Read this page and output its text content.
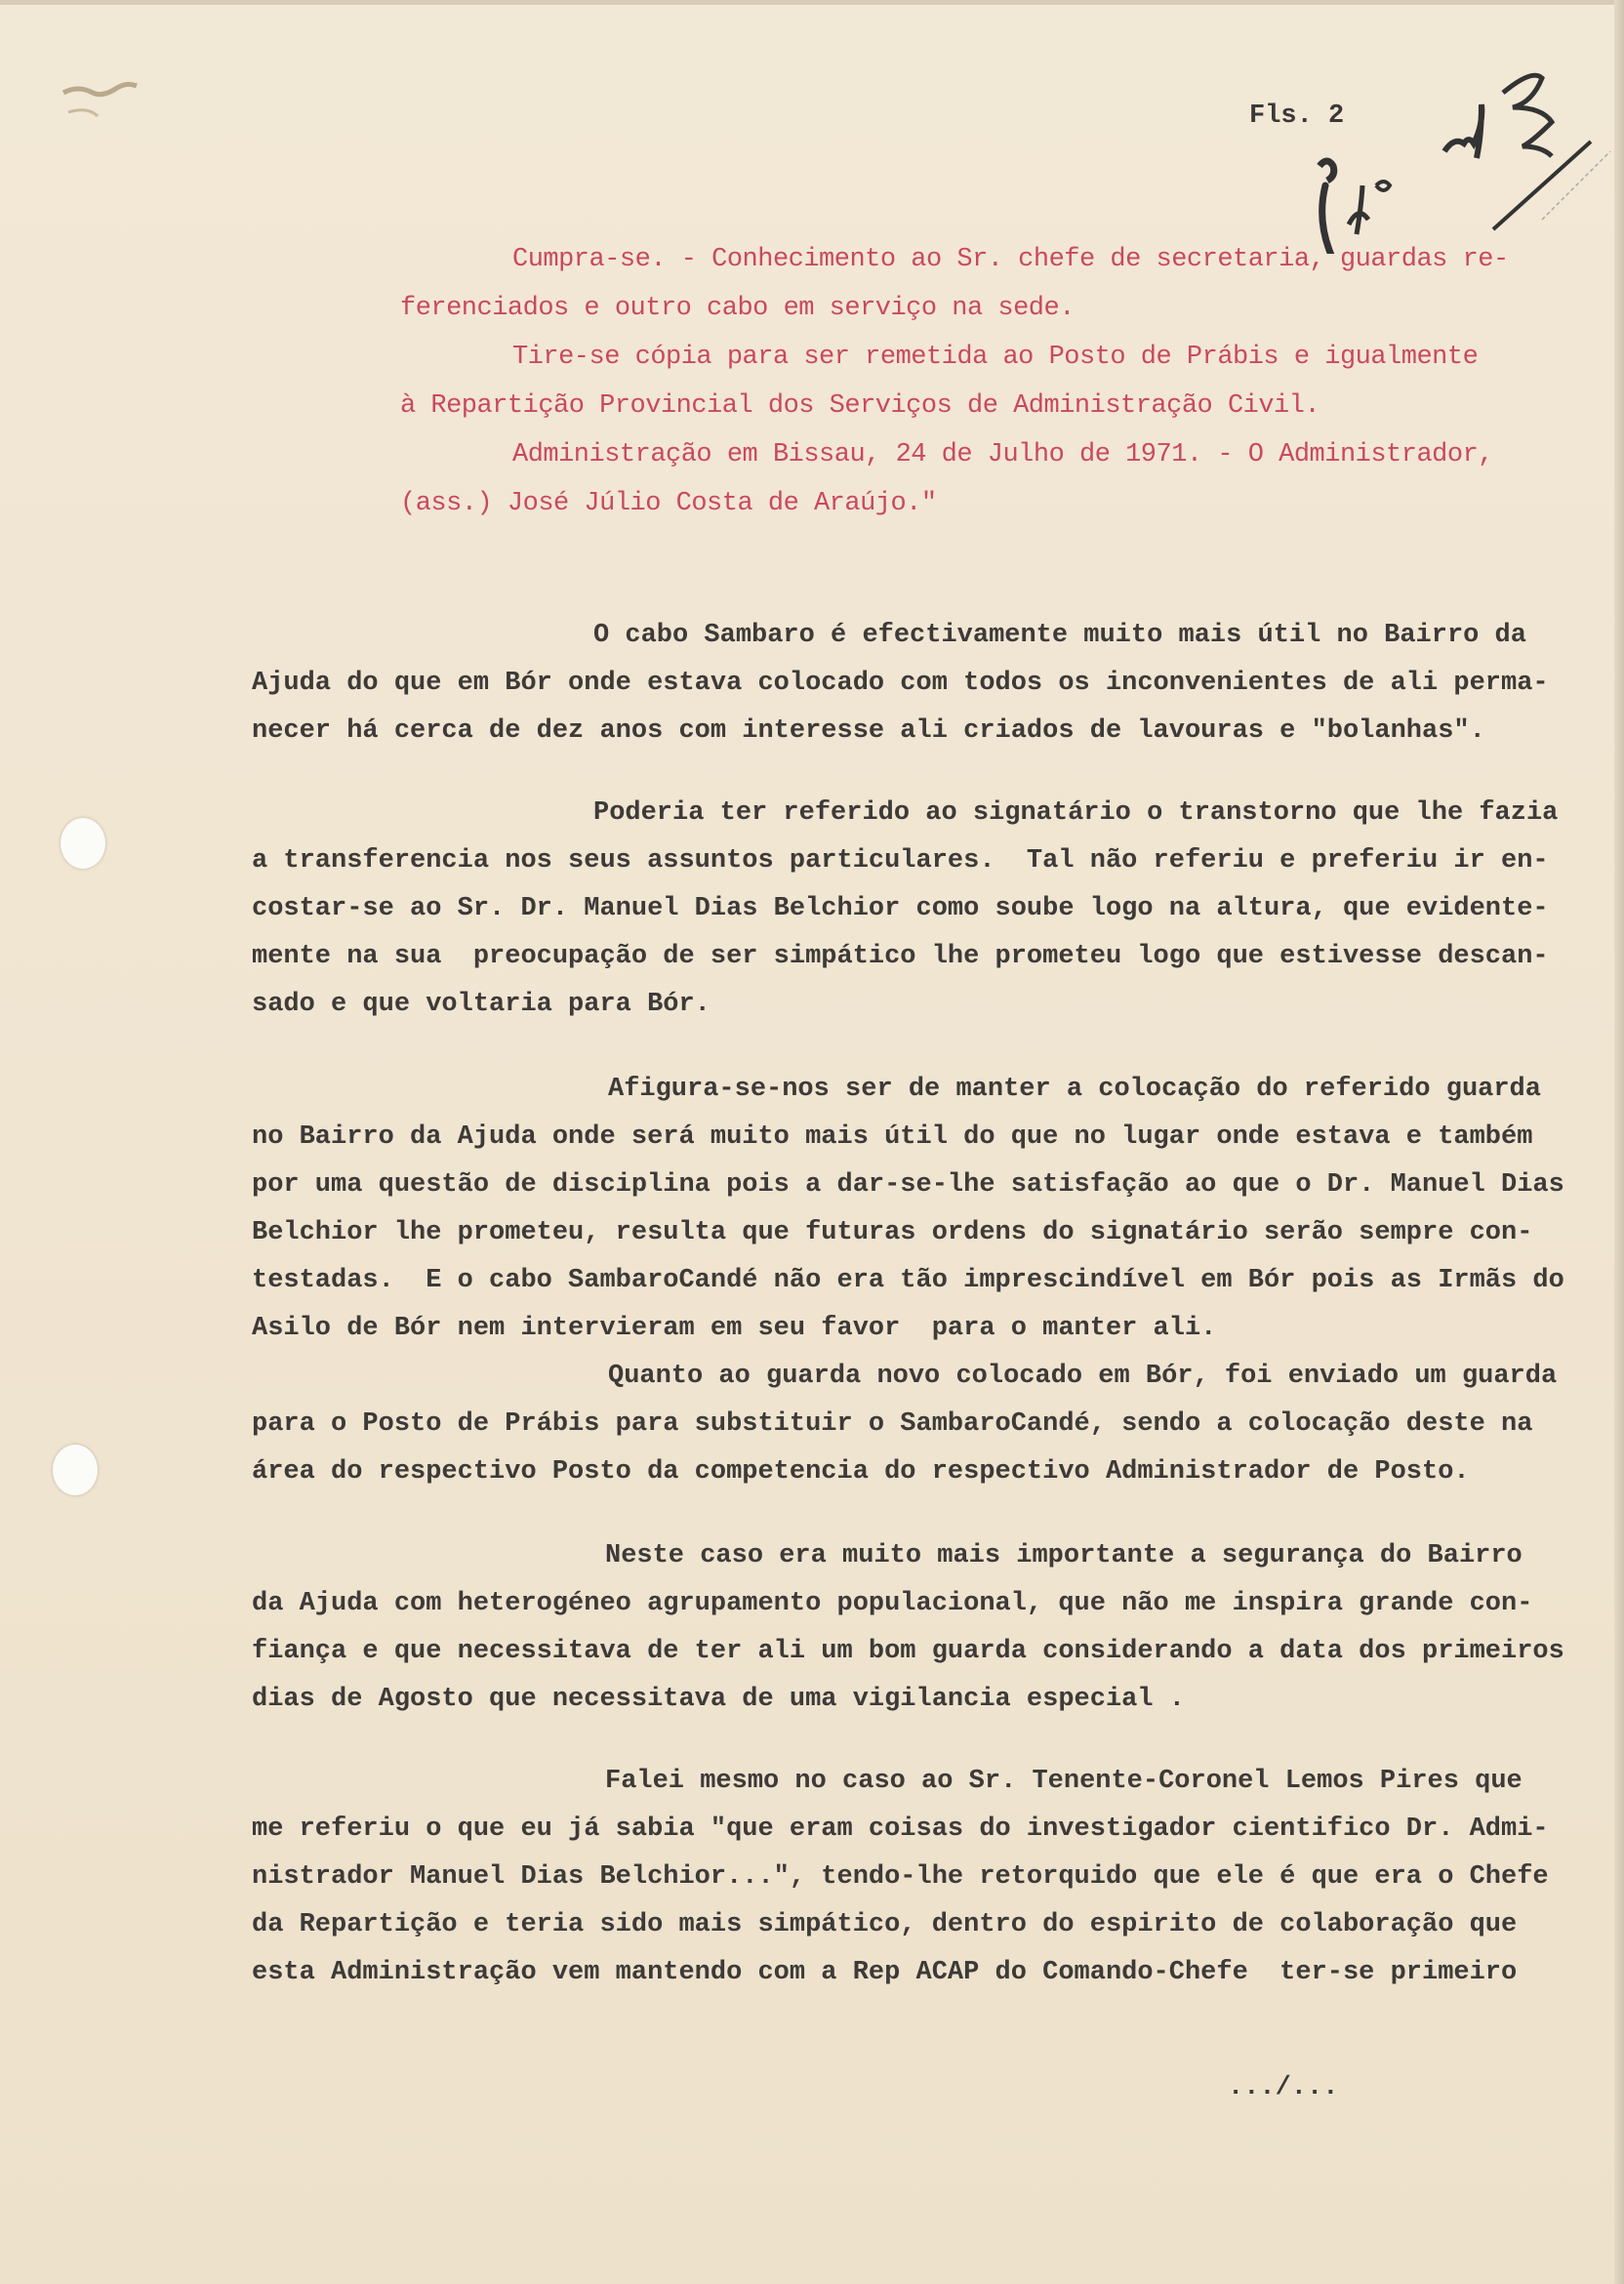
Fls. 2
Cumpra-se. - Conhecimento ao Sr. chefe de secretaria, guardas re-
ferenciados e outro cabo em serviço na sede.
Tire-se cópia para ser remetida ao Posto de Prábis e igualmente
à Repartição Provincial dos Serviços de Administração Civil.
Administração em Bissau, 24 de Julho de 1971. - O Administrador,
(ass.) José Júlio Costa de Araújo."
O cabo Sambaro é efectivamente muito mais útil no Bairro da
Ajuda do que em Bór onde estava colocado com todos os inconvenientes de ali perma-
necer há cerca de dez anos com interesse ali criados de lavouras e "bolanhas".
Poderia ter referido ao signatário o transtorno que lhe fazia
a transferencia nos seus assuntos particulares.  Tal não referiu e preferiu ir en-
costar-se ao Sr. Dr. Manuel Dias Belchior como soube logo na altura, que evidente-
mente na sua  preocupação de ser simpático lhe prometeu logo que estivesse descan-
sado e que voltaria para Bór.
Afigura-se-nos ser de manter a colocação do referido guarda
no Bairro da Ajuda onde será muito mais útil do que no lugar onde estava e também
por uma questão de disciplina pois a dar-se-lhe satisfação ao que o Dr. Manuel Dias
Belchior lhe prometeu, resulta que futuras ordens do signatário serão sempre con-
testadas.  E o cabo SambaroCandé não era tão imprescindível em Bór pois as Irmãs do
Asilo de Bór nem intervieram em seu favor  para o manter ali.
Quanto ao guarda novo colocado em Bór, foi enviado um guarda
para o Posto de Prábis para substituir o SambaroCandé, sendo a colocação deste na
área do respectivo Posto da competencia do respectivo Administrador de Posto.
Neste caso era muito mais importante a segurança do Bairro
da Ajuda com heterogéneo agrupamento populacional, que não me inspira grande con-
fiança e que necessitava de ter ali um bom guarda considerando a data dos primeiros
dias de Agosto que necessitava de uma vigilancia especial .
Falei mesmo no caso ao Sr. Tenente-Coronel Lemos Pires que
me referiu o que eu já sabia "que eram coisas do investigador cientifico Dr. Admi-
nistrador Manuel Dias Belchior...", tendo-lhe retorquido que ele é que era o Chefe
da Repartição e teria sido mais simpático, dentro do espirito de colaboração que
esta Administração vem mantendo com a Rep ACAP do Comando-Chefe  ter-se primeiro
.../...
